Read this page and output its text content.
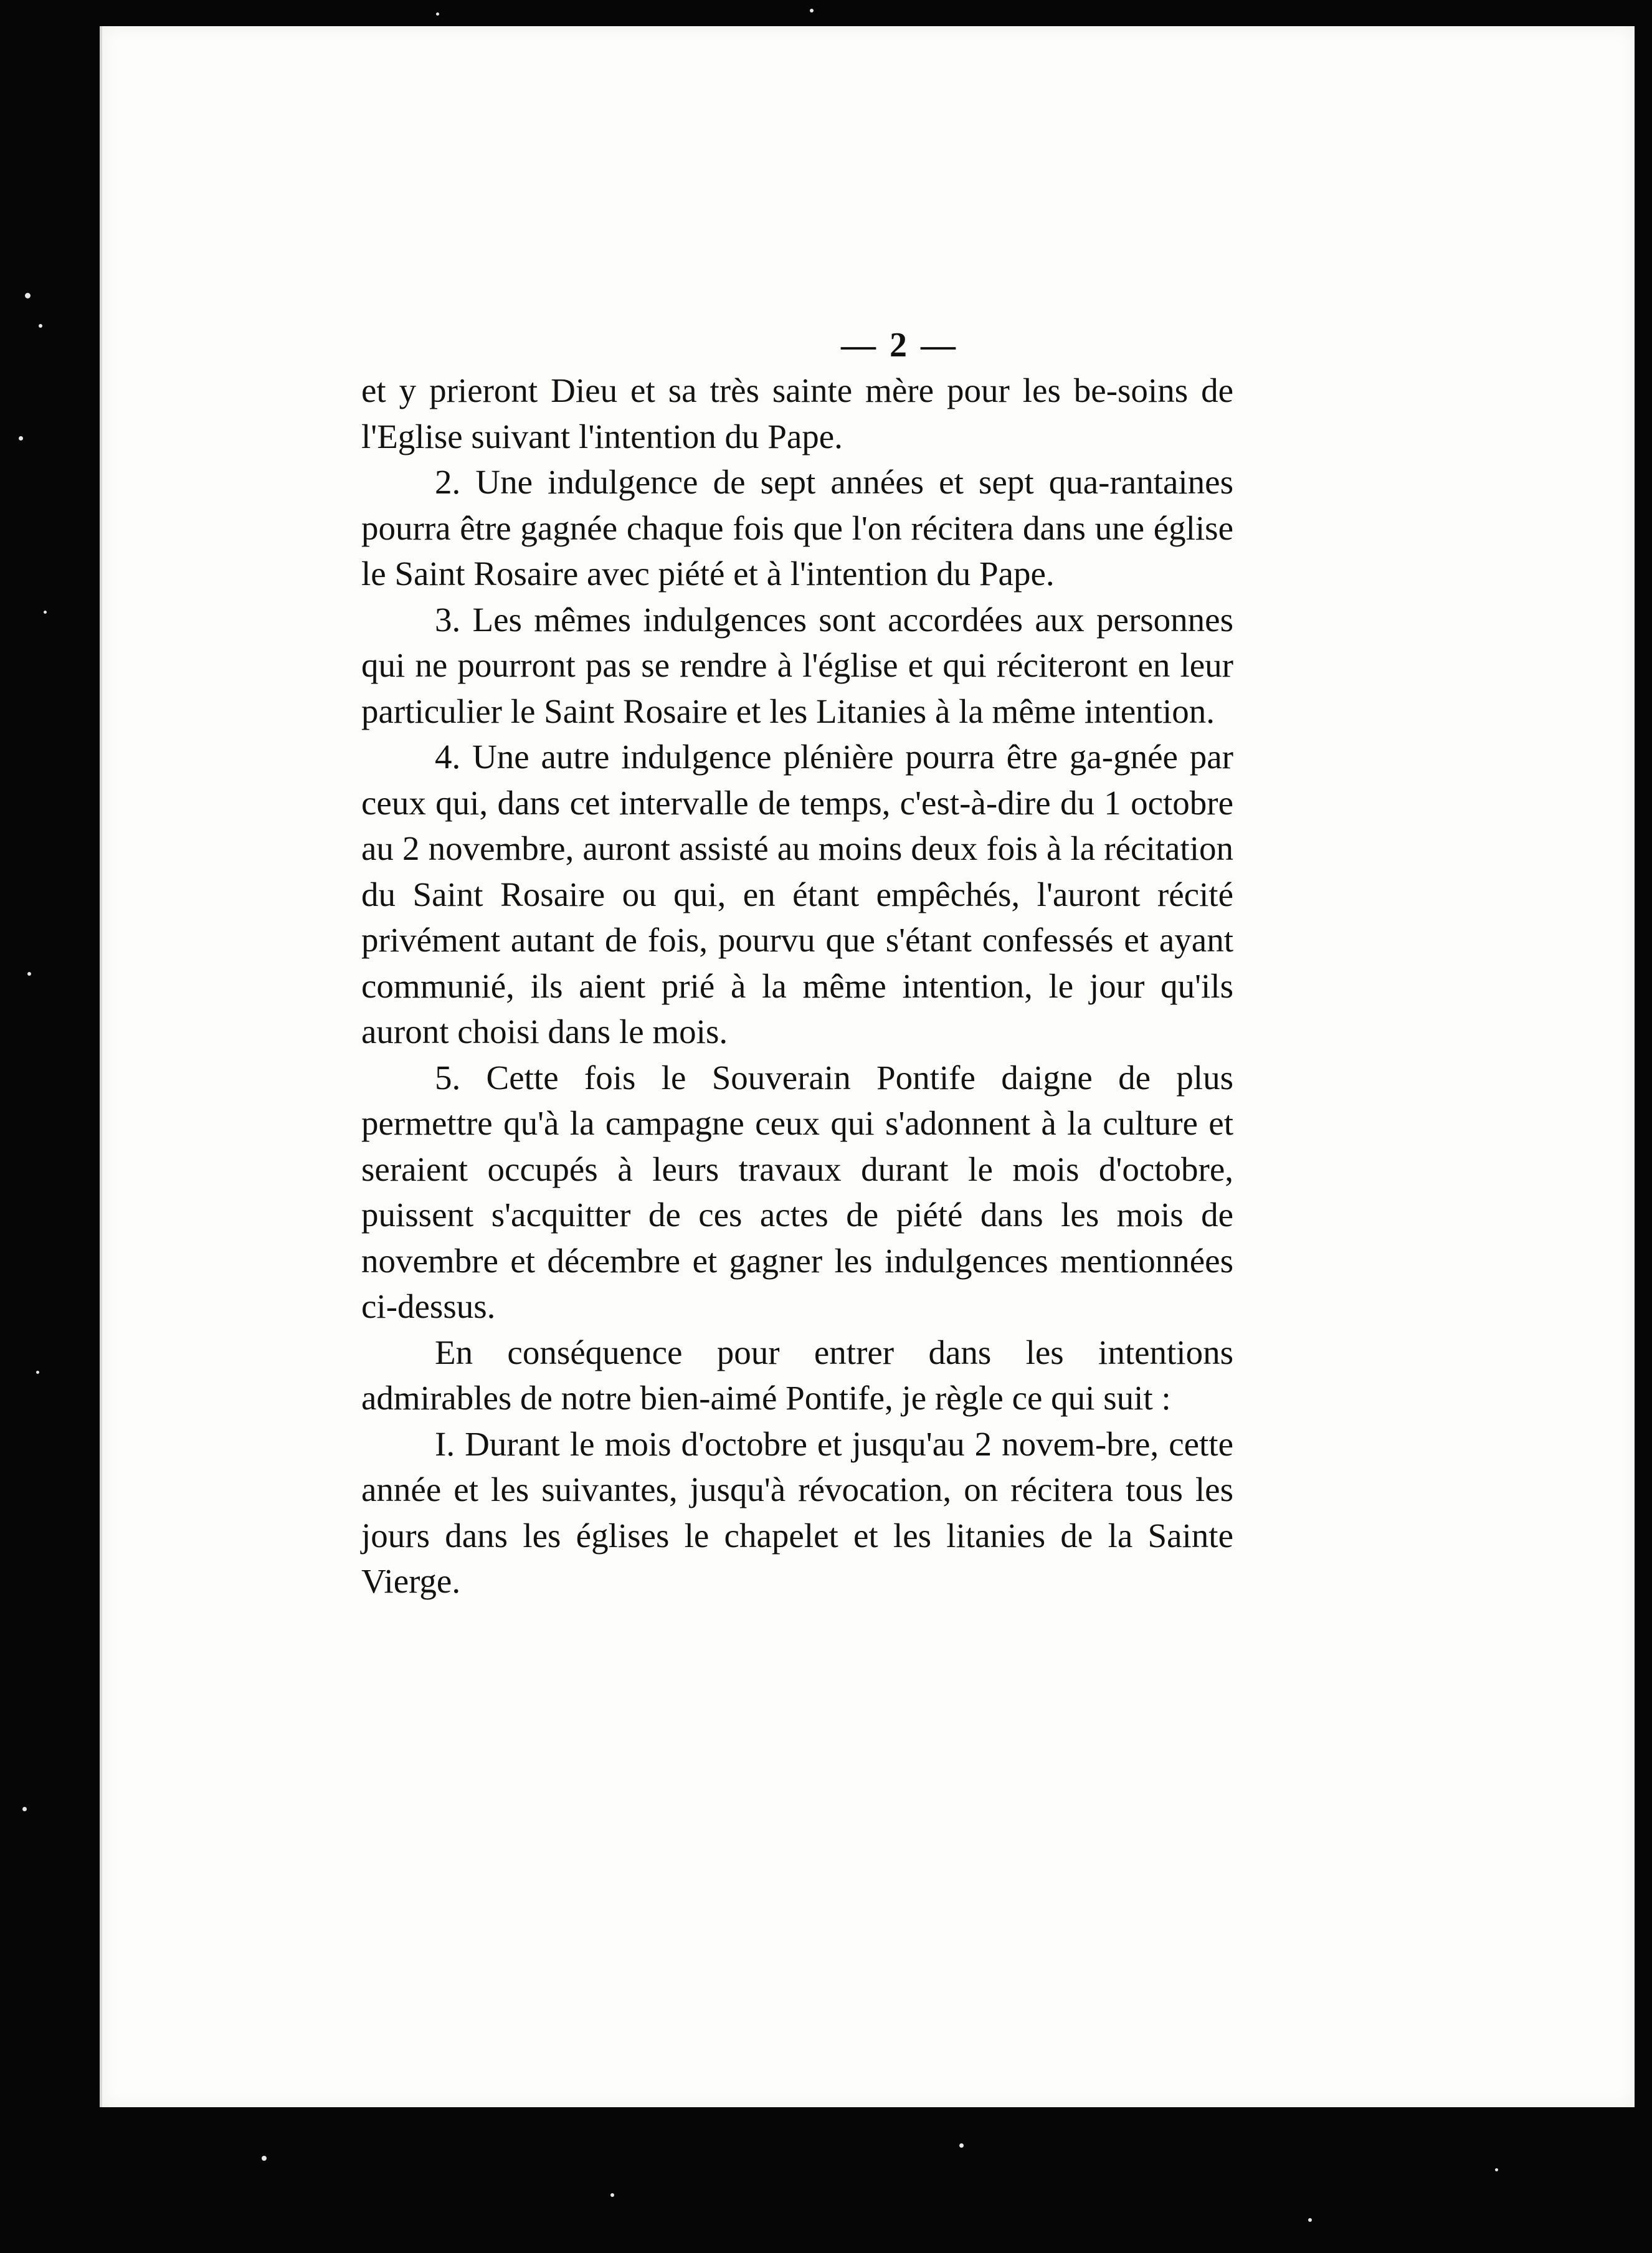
— 2 —

et y prieront Dieu et sa très sainte mère pour les be-soins de l'Eglise suivant l'intention du Pape.

2. Une indulgence de sept années et sept qua-rantaines pourra être gagnée chaque fois que l'on récitera dans une église le Saint Rosaire avec piété et à l'intention du Pape.

3. Les mêmes indulgences sont accordées aux personnes qui ne pourront pas se rendre à l'église et qui réciteront en leur particulier le Saint Rosaire et les Litanies à la même intention.

4. Une autre indulgence plénière pourra être ga-gnée par ceux qui, dans cet intervalle de temps, c'est-à-dire du 1 octobre au 2 novembre, auront assisté au moins deux fois à la récitation du Saint Rosaire ou qui, en étant empêchés, l'auront récité privément autant de fois, pourvu que s'étant confessés et ayant communié, ils aient prié à la même intention, le jour qu'ils auront choisi dans le mois.

5. Cette fois le Souverain Pontife daigne de plus permettre qu'à la campagne ceux qui s'adonnent à la culture et seraient occupés à leurs travaux durant le mois d'octobre, puissent s'acquitter de ces actes de piété dans les mois de novembre et décembre et gagner les indulgences mentionnées ci-dessus.

En conséquence pour entrer dans les intentions admirables de notre bien-aimé Pontife, je règle ce qui suit :

I. Durant le mois d'octobre et jusqu'au 2 novem-bre, cette année et les suivantes, jusqu'à révocation, on récitera tous les jours dans les églises le chapelet et les litanies de la Sainte Vierge.
